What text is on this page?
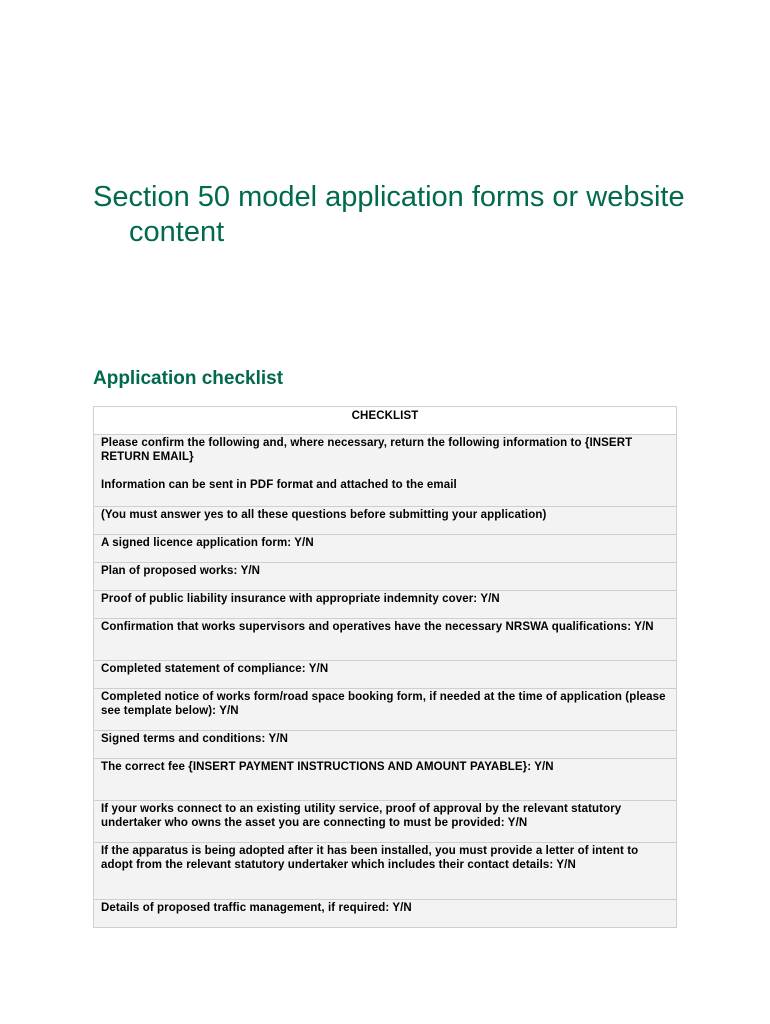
Section 50 model application forms or website content
Application checklist
CHECKLIST

Please confirm the following and, where necessary, return the following information to {INSERT RETURN EMAIL}
Information can be sent in PDF format and attached to the email

(You must answer yes to all these questions before submitting your application)
A signed licence application form: Y/N
Plan of proposed works: Y/N
Proof of public liability insurance with appropriate indemnity cover: Y/N
Confirmation that works supervisors and operatives have the necessary NRSWA qualifications: Y/N
Completed statement of compliance: Y/N
Completed notice of works form/road space booking form, if needed at the time of application (please see template below): Y/N
Signed terms and conditions: Y/N
The correct fee {INSERT PAYMENT INSTRUCTIONS AND AMOUNT PAYABLE}: Y/N
If your works connect to an existing utility service, proof of approval by the relevant statutory undertaker who owns the asset you are connecting to must be provided: Y/N
If the apparatus is being adopted after it has been installed, you must provide a letter of intent to adopt from the relevant statutory undertaker which includes their contact details: Y/N
Details of proposed traffic management, if required: Y/N
